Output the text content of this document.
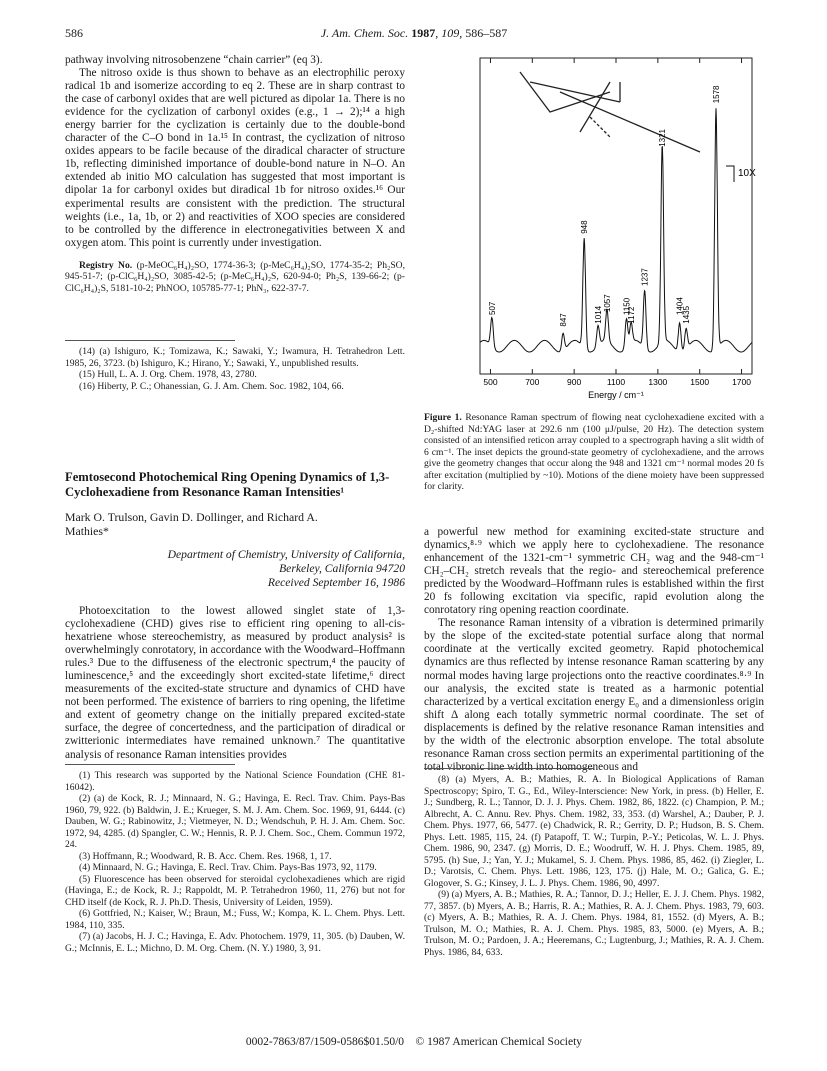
586	J. Am. Chem. Soc. 1987, 109, 586–587

pathway involving nitrosobenzene “chain carrier” (eq 3).

The nitroso oxide is thus shown to behave as an electrophilic peroxy radical 1b and isomerize according to eq 2. These are in sharp contrast to the case of carbonyl oxides that are well pictured as dipolar 1a. There is no evidence for the cyclization of carbonyl oxides (e.g., 1 → 2);¹⁴ a high energy barrier for the cyclization is certainly due to the double-bond character of the C–O bond in 1a.¹⁵ In contrast, the cyclization of nitroso oxides appears to be facile because of the diradical character of structure 1b, reflecting diminished importance of double-bond nature in N–O. An extended ab initio MO calculation has suggested that most important is dipolar 1a for carbonyl oxides but diradical 1b for nitroso oxides.¹⁶ Our experimental results are consistent with the prediction. The structural weights (i.e., 1a, 1b, or 2) and reactivities of XOO species are considered to be controlled by the difference in electronegativities between X and oxygen atom. This point is currently under investigation.

Registry No. (p-MeOC₆H₄)₂SO, 1774-36-3; (p-MeC₆H₄)₂SO, 1774-35-2; Ph₂SO, 945-51-7; (p-ClC₆H₄)₂SO, 3085-42-5; (p-MeC₆H₄)₂S, 620-94-0; Ph₂S, 139-66-2; (p-ClC₆H₄)₂S, 5181-10-2; PhNOO, 105785-77-1; PhN₃, 622-37-7.

(14) (a) Ishiguro, K.; Tomizawa, K.; Sawaki, Y.; Iwamura, H. Tetrahedron Lett. 1985, 26, 3723. (b) Ishiguro, K.; Hirano, Y.; Sawaki, Y., unpublished results.

(15) Hull, L. A. J. Org. Chem. 1978, 43, 2780.

(16) Hiberty, P. C.; Ohanessian, G. J. Am. Chem. Soc. 1982, 104, 66.

Femtosecond Photochemical Ring Opening Dynamics of 1,3-Cyclohexadiene from Resonance Raman Intensities¹
Mark O. Trulson, Gavin D. Dollinger, and Richard A. Mathies*
Department of Chemistry, University of California,
Berkeley, California 94720
Received September 16, 1986

Photoexcitation to the lowest allowed singlet state of 1,3-cyclohexadiene (CHD) gives rise to efficient ring opening to all-cis-hexatriene whose stereochemistry, as measured by product analysis² is overwhelmingly conrotatory, in accordance with the Woodward–Hoffmann rules.³ Due to the diffuseness of the electronic spectrum,⁴ the paucity of luminescence,⁵ and the exceedingly short excited-state lifetime,⁶ direct measurements of the excited-state structure and dynamics of CHD have not been performed. The existence of barriers to ring opening, the lifetime and extent of geometry change on the initially prepared excited-state surface, the degree of concertedness, and the participation of diradical or zwitterionic intermediates have remained unknown.⁷ The quantitative analysis of resonance Raman intensities provides

(1) This research was supported by the National Science Foundation (CHE 81-16042).

(2) (a) de Kock, R. J.; Minnaard, N. G.; Havinga, E. Recl. Trav. Chim. Pays-Bas 1960, 79, 922. (b) Baldwin, J. E.; Krueger, S. M. J. Am. Chem. Soc. 1969, 91, 6444. (c) Dauben, W. G.; Rabinowitz, J.; Vietmeyer, N. D.; Wendschuh, P. H. J. Am. Chem. Soc. 1972, 94, 4285. (d) Spangler, C. W.; Hennis, R. P. J. Chem. Soc., Chem. Commun 1972, 24.

(3) Hoffmann, R.; Woodward, R. B. Acc. Chem. Res. 1968, 1, 17.

(4) Minnaard, N. G.; Havinga, E. Recl. Trav. Chim. Pays-Bas 1973, 92, 1179.

(5) Fluorescence has been observed for steroidal cyclohexadienes which are rigid (Havinga, E.; de Kock, R. J.; Rappoldt, M. P. Tetrahedron 1960, 11, 276) but not for CHD itself (de Kock, R. J. Ph.D. Thesis, University of Leiden, 1959).

(6) Gottfried, N.; Kaiser, W.; Braun, M.; Fuss, W.; Kompa, K. L. Chem. Phys. Lett. 1984, 110, 335.

(7) (a) Jacobs, H. J. C.; Havinga, E. Adv. Photochem. 1979, 11, 305. (b) Dauben, W. G.; McInnis, E. L.; Michno, D. M. Org. Chem. (N. Y.) 1980, 3, 91.

507
847
948
1014
1057 1150
1172
1237
1321
1404
1435
1578
500	700	900	1100	1300	1500	1700
10X
Energy / cm⁻¹

Figure 1. Resonance Raman spectrum of flowing neat cyclohexadiene excited with a D₂-shifted Nd:YAG laser at 292.6 nm (100 μJ/pulse, 20 Hz). The detection system consisted of an intensified reticon array coupled to a spectrograph having a slit width of 6 cm⁻¹. The inset depicts the ground-state geometry of cyclohexadiene, and the arrows give the geometry changes that occur along the 948 and 1321 cm⁻¹ normal modes 20 fs after excitation (multiplied by ~10). Motions of the diene moiety have been suppressed for clarity.

a powerful new method for examining excited-state structure and dynamics,⁸·⁹ which we apply here to cyclohexadiene. The resonance enhancement of the 1321-cm⁻¹ symmetric CH₂ wag and the 948-cm⁻¹ CH₂–CH₂ stretch reveals that the regio- and stereochemical preference predicted by the Woodward–Hoffmann rules is established within the first 20 fs following excitation via specific, rapid evolution along the conrotatory ring opening reaction coordinate.

The resonance Raman intensity of a vibration is determined primarily by the slope of the excited-state potential surface along that normal coordinate at the vertically excited geometry. Rapid photochemical dynamics are thus reflected by intense resonance Raman scattering by any normal modes having large projections onto the reactive coordinates.⁸·⁹ In our analysis, the excited state is treated as a harmonic potential characterized by a vertical excitation energy E₀ and a dimensionless origin shift Δ along each totally symmetric normal coordinate. The set of displacements is defined by the relative resonance Raman intensities and by the width of the electronic absorption envelope. The total absolute resonance Raman cross section permits an experimental partitioning of the total vibronic line width into homogeneous and

(8) (a) Myers, A. B.; Mathies, R. A. In Biological Applications of Raman Spectroscopy; Spiro, T. G., Ed., Wiley-Interscience: New York, in press. (b) Heller, E. J.; Sundberg, R. L.; Tannor, D. J. J. Phys. Chem. 1982, 86, 1822. (c) Champion, P. M.; Albrecht, A. C. Annu. Rev. Phys. Chem. 1982, 33, 353. (d) Warshel, A.; Dauber, P. J. Chem. Phys. 1977, 66, 5477. (e) Chadwick, R. R.; Gerrity, D. P.; Hudson, B. S. Chem. Phys. Lett. 1985, 115, 24. (f) Patapoff, T. W.; Turpin, P.-Y.; Peticolas, W. L. J. Phys. Chem. 1986, 90, 2347. (g) Morris, D. E.; Woodruff, W. H. J. Phys. Chem. 1985, 89, 5795. (h) Sue, J.; Yan, Y. J.; Mukamel, S. J. Chem. Phys. 1986, 85, 462. (i) Ziegler, L. D.; Varotsis, C. Chem. Phys. Lett. 1986, 123, 175. (j) Hale, M. O.; Galica, G. E.; Glogover, S. G.; Kinsey, J. L. J. Phys. Chem. 1986, 90, 4997.

(9) (a) Myers, A. B.; Mathies, R. A.; Tannor, D. J.; Heller, E. J. J. Chem. Phys. 1982, 77, 3857. (b) Myers, A. B.; Harris, R. A.; Mathies, R. A. J. Chem. Phys. 1983, 79, 603. (c) Myers, A. B.; Mathies, R. A. J. Chem. Phys. 1984, 81, 1552. (d) Myers, A. B.; Trulson, M. O.; Mathies, R. A. J. Chem. Phys. 1985, 83, 5000. (e) Myers, A. B.; Trulson, M. O.; Pardoen, J. A.; Heeremans, C.; Lugtenburg, J.; Mathies, R. A. J. Chem. Phys. 1986, 84, 633.

0002-7863/87/1509-0586$01.50/0 © 1987 American Chemical Society
